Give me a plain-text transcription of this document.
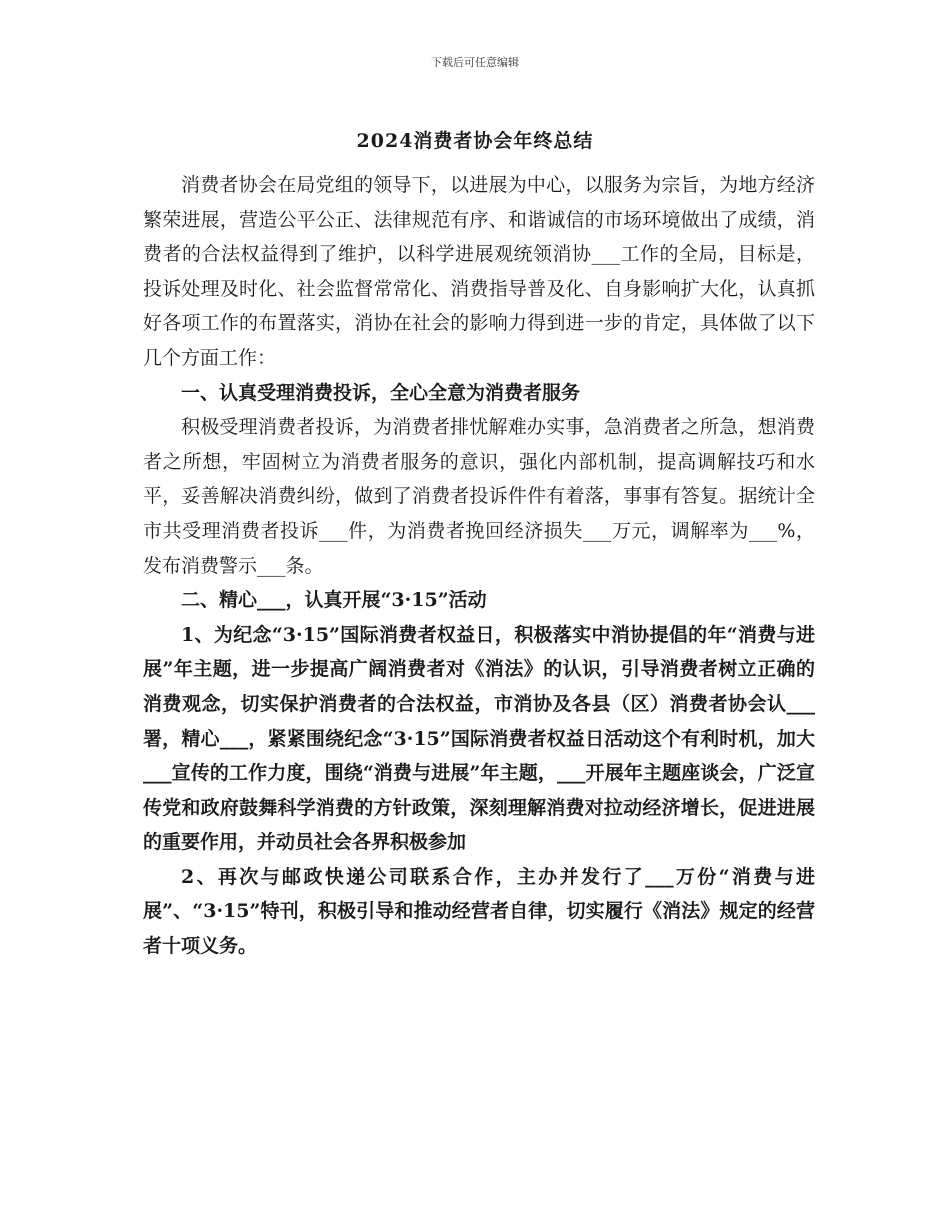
下载后可任意编辑
2024消费者协会年终总结

消费者协会在局党组的领导下，以进展为中心，以服务为宗旨，为地方经济繁荣进展，营造公平公正、法律规范有序、和谐诚信的市场环境做出了成绩，消费者的合法权益得到了维护，以科学进展观统领消协___工作的全局，目标是，投诉处理及时化、社会监督常常化、消费指导普及化、自身影响扩大化，认真抓好各项工作的布置落实，消协在社会的影响力得到进一步的肯定，具体做了以下几个方面工作：

一、认真受理消费投诉，全心全意为消费者服务

积极受理消费者投诉，为消费者排忧解难办实事，急消费者之所急，想消费者之所想，牢固树立为消费者服务的意识，强化内部机制，提高调解技巧和水平，妥善解决消费纠纷，做到了消费者投诉件件有着落，事事有答复。据统计全市共受理消费者投诉___件，为消费者挽回经济损失___万元，调解率为___%，发布消费警示___条。

二、精心___，认真开展“3·15”活动

1、为纪念“3·15”国际消费者权益日，积极落实中消协提倡的年“消费与进展”年主题，进一步提高广阔消费者对《消法》的认识，引导消费者树立正确的消费观念，切实保护消费者的合法权益，市消协及各县（区）消费者协会认___署，精心___，紧紧围绕纪念“3·15”国际消费者权益日活动这个有利时机，加大___宣传的工作力度，围绕“消费与进展”年主题，___开展年主题座谈会，广泛宣传党和政府鼓舞科学消费的方针政策，深刻理解消费对拉动经济增长，促进进展的重要作用，并动员社会各界积极参加

2、再次与邮政快递公司联系合作，主办并发行了___万份“消费与进展”、“3·15”特刊，积极引导和推动经营者自律，切实履行《消法》规定的经营者十项义务。
